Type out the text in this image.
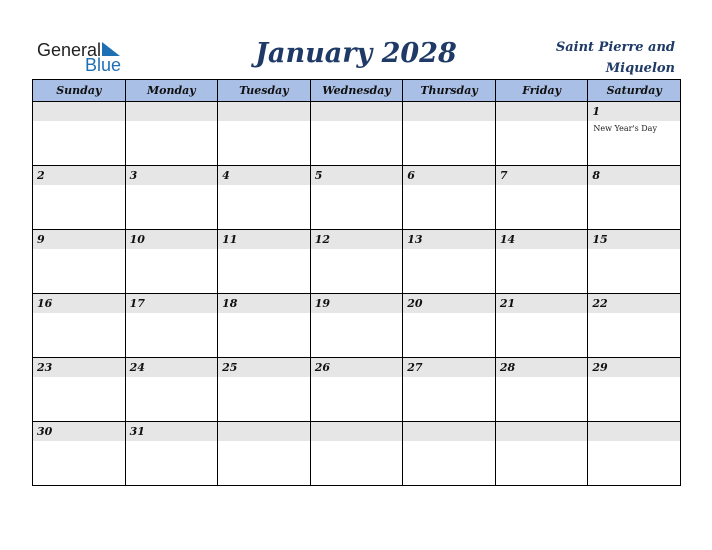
General
Blue	January 2028	Saint Pierre and Miquelon
Sunday	Monday	Tuesday	Wednesday	Thursday	Friday	Saturday

						1
New Year's Day

2	3	4	5	6	7	8

9	10	11	12	13	14	15

16	17	18	19	20	21	22

23	24	25	26	27	28	29

30	31					
